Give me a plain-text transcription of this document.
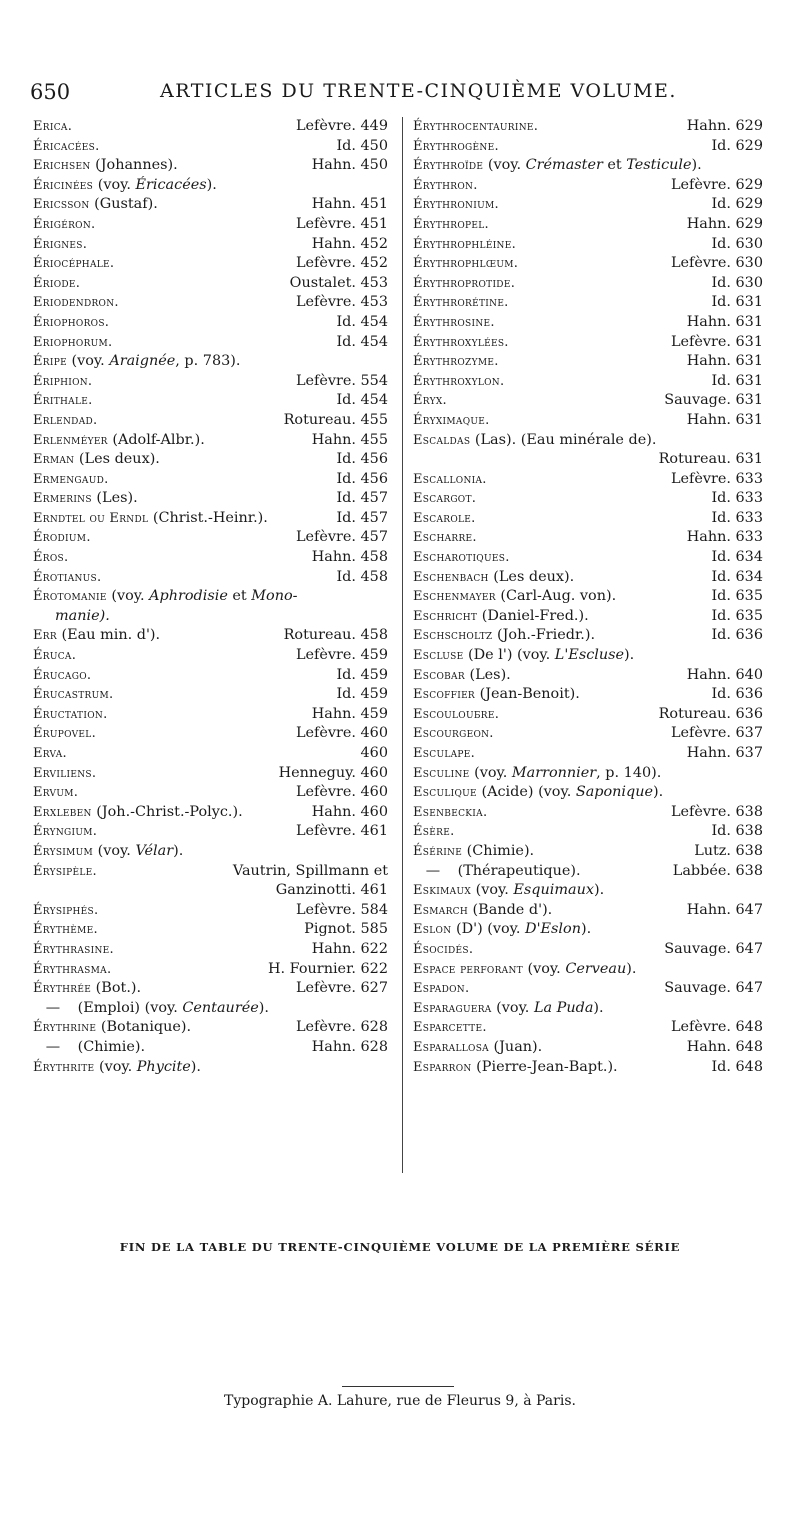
650	ARTICLES DU TRENTE-CINQUIÈME VOLUME.
Erica.	Lefèvre. 449
Éricacées.	Id. 450
Erichsen (Johannes).	Hahn. 450
Éricinées (voy. Éricacées).
Ericsson (Gustaf).	Hahn. 451
Érigéron.	Lefèvre. 451
Érignes.	Hahn. 452
Ériocéphale.	Lefèvre. 452
Ériode.	Oustalet. 453
Eriodendron.	Lefèvre. 453
Ériophoros.	Id. 454
Eriophorum.	Id. 454
Éripe (voy. Araignée, p. 783).
Ériphion.	Lefèvre. 554
Érithale.	Id. 454
Erlendad.	Rotureau. 455
Erlenméyer (Adolf-Albr.).	Hahn. 455
Erman (Les deux).	Id. 456
Ermengaud.	Id. 456
Ermerins (Les).	Id. 457
Erndtel ou Erndl (Christ.-Heinr.).	Id. 457
Érodium.	Lefèvre. 457
Éros.	Hahn. 458
Érotianus.	Id. 458
Érotomanie (voy. Aphrodisie et Mono-
manie).
Err (Eau min. d').	Rotureau. 458
Éruca.	Lefèvre. 459
Érucago.	Id. 459
Érucastrum.	Id. 459
Éructation.	Hahn. 459
Érupovel.	Lefèvre. 460
Erva.	460
Erviliens.	Henneguy. 460
Ervum.	Lefèvre. 460
Erxleben (Joh.-Christ.-Polyc.).	Hahn. 460
Éryngium.	Lefèvre. 461
Érysimum (voy. Vélar).
Érysipèle.	Vautrin, Spillmann et
Ganzinotti. 461
Érysiphés.	Lefèvre. 584
Érythème.	Pignot. 585
Érythrasine.	Hahn. 622
Érythrasma.	H. Fournier. 622
Érythrée (Bot.).	Lefèvre. 627
— (Emploi) (voy. Centaurée).
Érythrine (Botanique).	Lefèvre. 628
— (Chimie).	Hahn. 628
Érythrite (voy. Phycite).
Érythrocentaurine.	Hahn. 629
Érythrogène.	Id. 629
Érythroïde (voy. Crémaster et Testicule).
Érythron.	Lefèvre. 629
Érythronium.	Id. 629
Érythropel.	Hahn. 629
Érythrophléine.	Id. 630
Érythrophlœum.	Lefèvre. 630
Érythroprotide.	Id. 630
Érythrorétine.	Id. 631
Érythrosine.	Hahn. 631
Érythroxylées.	Lefèvre. 631
Érythrozyme.	Hahn. 631
Érythroxylon.	Id. 631
Éryx.	Sauvage. 631
Éryximaque.	Hahn. 631
Escaldas (Las). (Eau minérale de).
Rotureau. 631
Escallonia.	Lefèvre. 633
Escargot.	Id. 633
Escarole.	Id. 633
Escharre.	Hahn. 633
Escharotiques.	Id. 634
Eschenbach (Les deux).	Id. 634
Eschenmayer (Carl-Aug. von).	Id. 635
Eschricht (Daniel-Fred.).	Id. 635
Eschscholtz (Joh.-Friedr.).	Id. 636
Escluse (De l') (voy. L'Escluse).
Escobar (Les).	Hahn. 640
Escoffier (Jean-Benoit).	Id. 636
Escoulouбre.	Rotureau. 636
Escourgeon.	Lefèvre. 637
Esculape.	Hahn. 637
Esculine (voy. Marronnier, p. 140).
Esculique (Acide) (voy. Saponique).
Esenbeckia.	Lefèvre. 638
Ésère.	Id. 638
Ésérine (Chimie).	Lutz. 638
— (Thérapeutique).	Labbée. 638
Eskimaux (voy. Esquimaux).
Esmarch (Bande d').	Hahn. 647
Eslon (D') (voy. D'Eslon).
Ésocidés.	Sauvage. 647
Espace perforant (voy. Cerveau).
Espadon.	Sauvage. 647
Esparaguera (voy. La Puda).
Esparcette.	Lefèvre. 648
Esparallosa (Juan).	Hahn. 648
Esparron (Pierre-Jean-Bapt.).	Id. 648
FIN DE LA TABLE DU TRENTE-CINQUIÈME VOLUME DE LA PREMIÈRE SÉRIE
Typographie A. Lahure, rue de Fleurus 9, à Paris.
